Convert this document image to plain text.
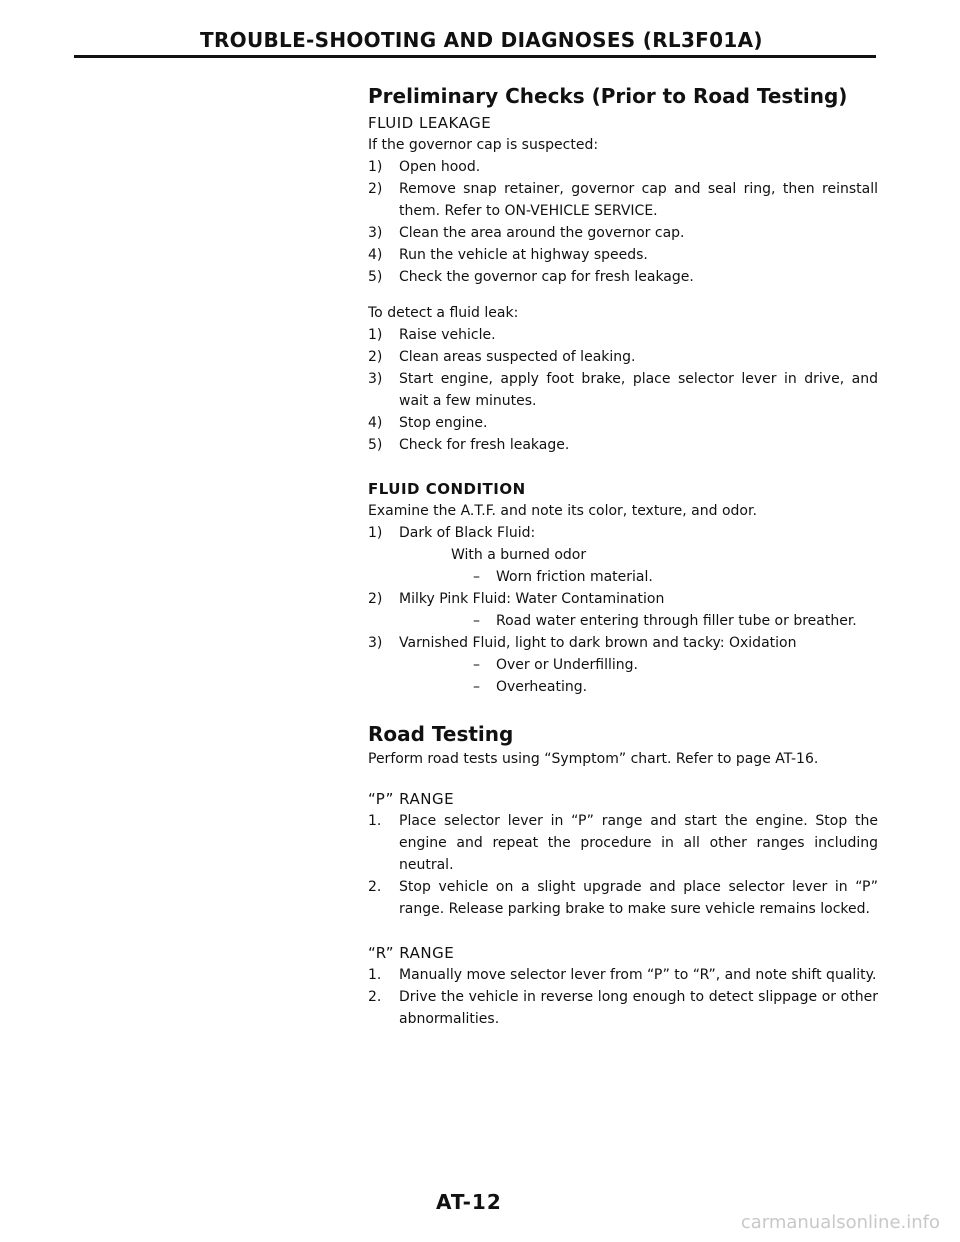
TROUBLE-SHOOTING AND DIAGNOSES (RL3F01A)
Preliminary Checks (Prior to Road Testing)
FLUID LEAKAGE
If the governor cap is suspected:
1) Open hood.
2) Remove snap retainer, governor cap and seal ring, then reinstall them. Refer to ON-VEHICLE SERVICE.
3) Clean the area around the governor cap.
4) Run the vehicle at highway speeds.
5) Check the governor cap for fresh leakage.
To detect a fluid leak:
1) Raise vehicle.
2) Clean areas suspected of leaking.
3) Start engine, apply foot brake, place selector lever in drive, and wait a few minutes.
4) Stop engine.
5) Check for fresh leakage.
FLUID CONDITION
Examine the A.T.F. and note its color, texture, and odor.
1) Dark of Black Fluid:
With a burned odor
– Worn friction material.
2) Milky Pink Fluid: Water Contamination
– Road water entering through filler tube or breather.
3) Varnished Fluid, light to dark brown and tacky: Oxidation
– Over or Underfilling.
– Overheating.
Road Testing
Perform road tests using “Symptom” chart. Refer to page AT-16.
“P” RANGE
1. Place selector lever in “P” range and start the engine. Stop the engine and repeat the procedure in all other ranges including neutral.
2. Stop vehicle on a slight upgrade and place selector lever in “P” range. Release parking brake to make sure vehicle remains locked.
“R” RANGE
1. Manually move selector lever from “P” to “R”, and note shift quality.
2. Drive the vehicle in reverse long enough to detect slippage or other abnormalities.
AT-12
carmanualsonline.info
